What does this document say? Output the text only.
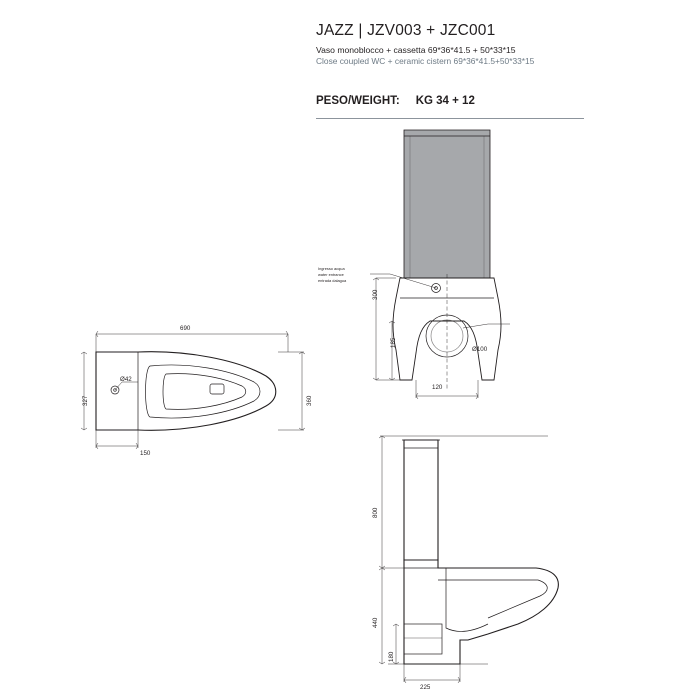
JAZZ | JZV003 + JZC001
Vaso monoblocco + cassetta 69*36*41.5 + 50*33*15
Close coupled WC + ceramic cistern 69*36*41.5+50*33*15
PESO/WEIGHT: KG 34 + 12
300
185
120
Ø100
Ingresso acqua
water entrance
entrada dalagua
690
327	360
150
Ø42
800
440
180
225
